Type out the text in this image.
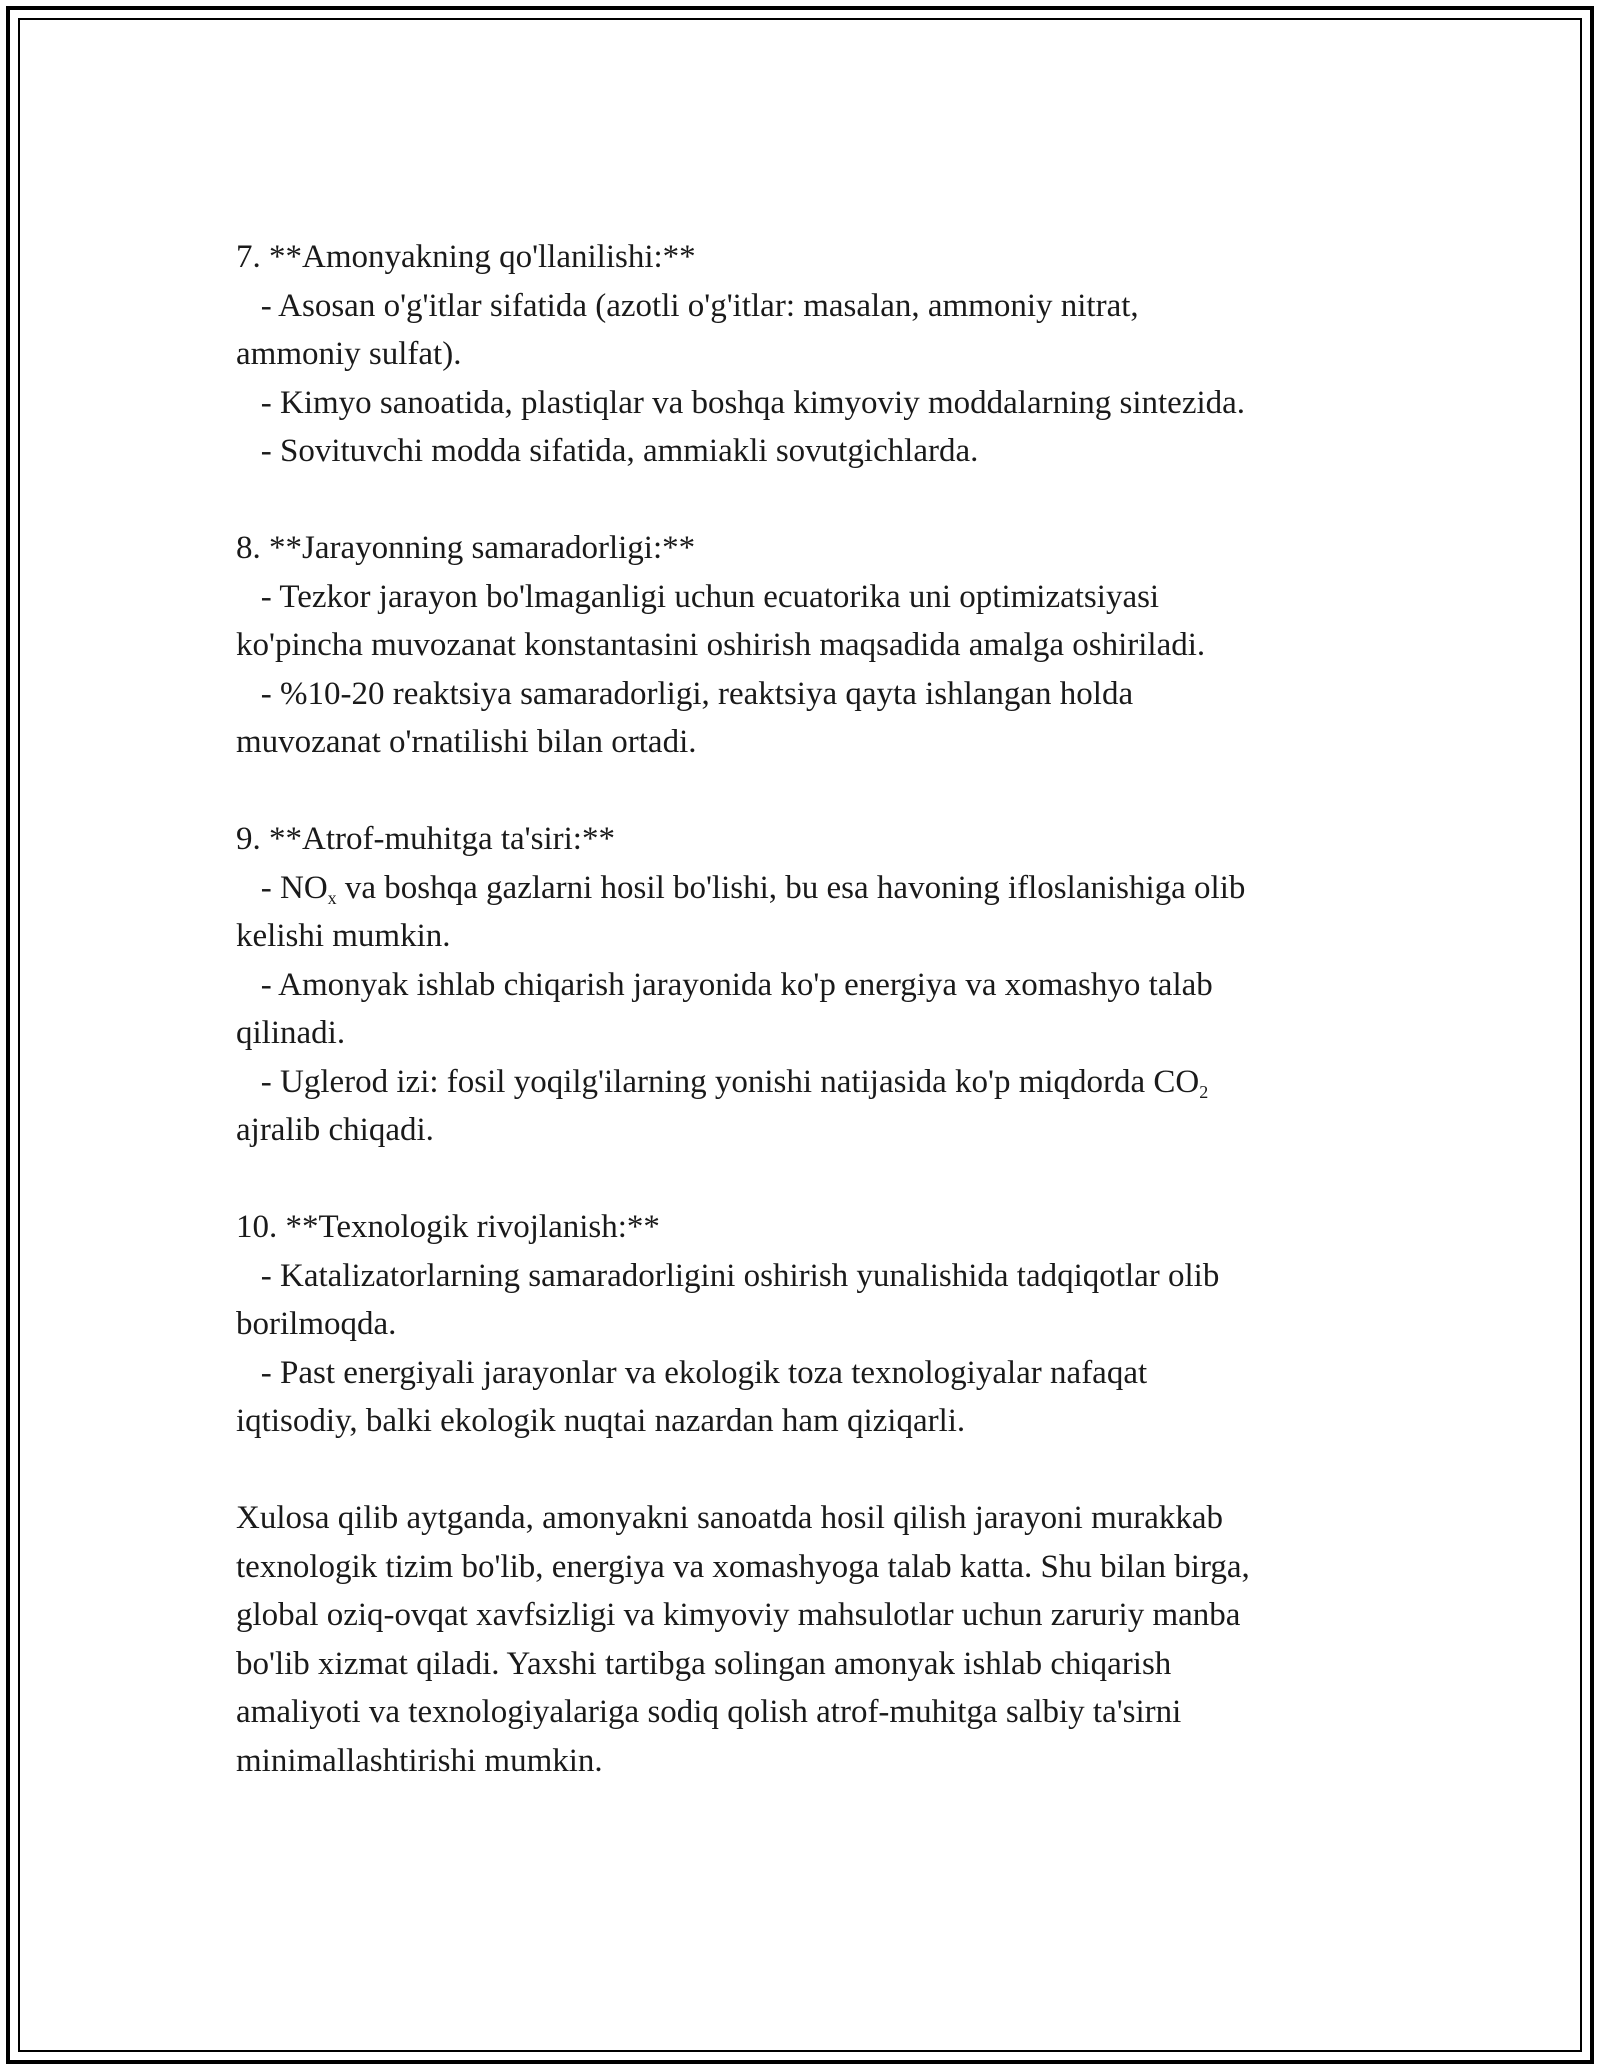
7. **Amonyakning qo'llanilishi:**

- Asosan o'g'itlar sifatida (azotli o'g'itlar: masalan, ammoniy nitrat,

ammoniy sulfat).

- Kimyo sanoatida, plastiqlar va boshqa kimyoviy moddalarning sintezida.

- Sovituvchi modda sifatida, ammiakli sovutgichlarda.

8. **Jarayonning samaradorligi:**

- Tezkor jarayon bo'lmaganligi uchun ecuatorika uni optimizatsiyasi

ko'pincha muvozanat konstantasini oshirish maqsadida amalga oshiriladi.

- %10-20 reaktsiya samaradorligi, reaktsiya qayta ishlangan holda

muvozanat o'rnatilishi bilan ortadi.

9. **Atrof-muhitga ta'siri:**

- $NO_x$ va boshqa gazlarni hosil bo'lishi, bu esa havoning ifloslanishiga olib

kelishi mumkin.

- Amonyak ishlab chiqarish jarayonida ko'p energiya va xomashyo talab

qilinadi.

- Uglerod izi: fosil yoqilg'ilarning yonishi natijasida ko'p miqdorda $CO_2$

ajralib chiqadi.

10. **Texnologik rivojlanish:**

- Katalizatorlarning samaradorligini oshirish yunalishida tadqiqotlar olib

borilmoqda.

- Past energiyali jarayonlar va ekologik toza texnologiyalar nafaqat

iqtisodiy, balki ekologik nuqtai nazardan ham qiziqarli.

Xulosa qilib aytganda, amonyakni sanoatda hosil qilish jarayoni murakkab

texnologik tizim bo'lib, energiya va xomashyoga talab katta. Shu bilan birga,

global oziq-ovqat xavfsizligi va kimyoviy mahsulotlar uchun zaruriy manba

bo'lib xizmat qiladi. Yaxshi tartibga solingan amonyak ishlab chiqarish

amaliyoti va texnologiyalariga sodiq qolish atrof-muhitga salbiy ta'sirni

minimallashtirishi mumkin.
